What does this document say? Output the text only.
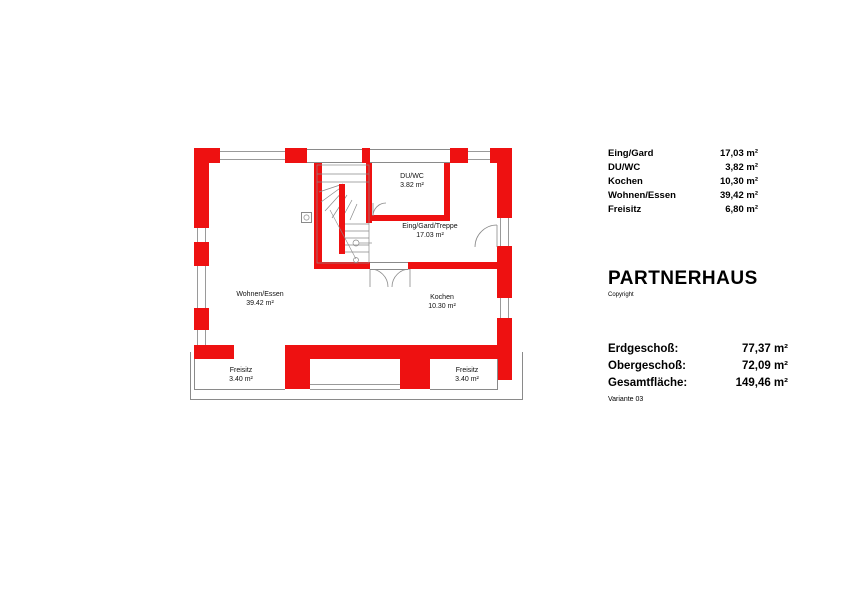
DU/WC
3.82 m²
Eing/Gard/Treppe
17.03 m²
Wohnen/Essen
39.42 m²
Kochen
10.30 m²
Freisitz
3.40 m²
Freisitz
3.40 m²
Eing/Gard	17,03 m²
DU/WC	3,82 m²
Kochen	10,30 m²
Wohnen/Essen	39,42 m²
Freisitz	6,80 m²
PARTNERHAUS
Copyright
Erdgeschoß:	77,37 m²
Obergeschoß:	72,09 m²
Gesamtfläche:	149,46 m²
Variante 03
